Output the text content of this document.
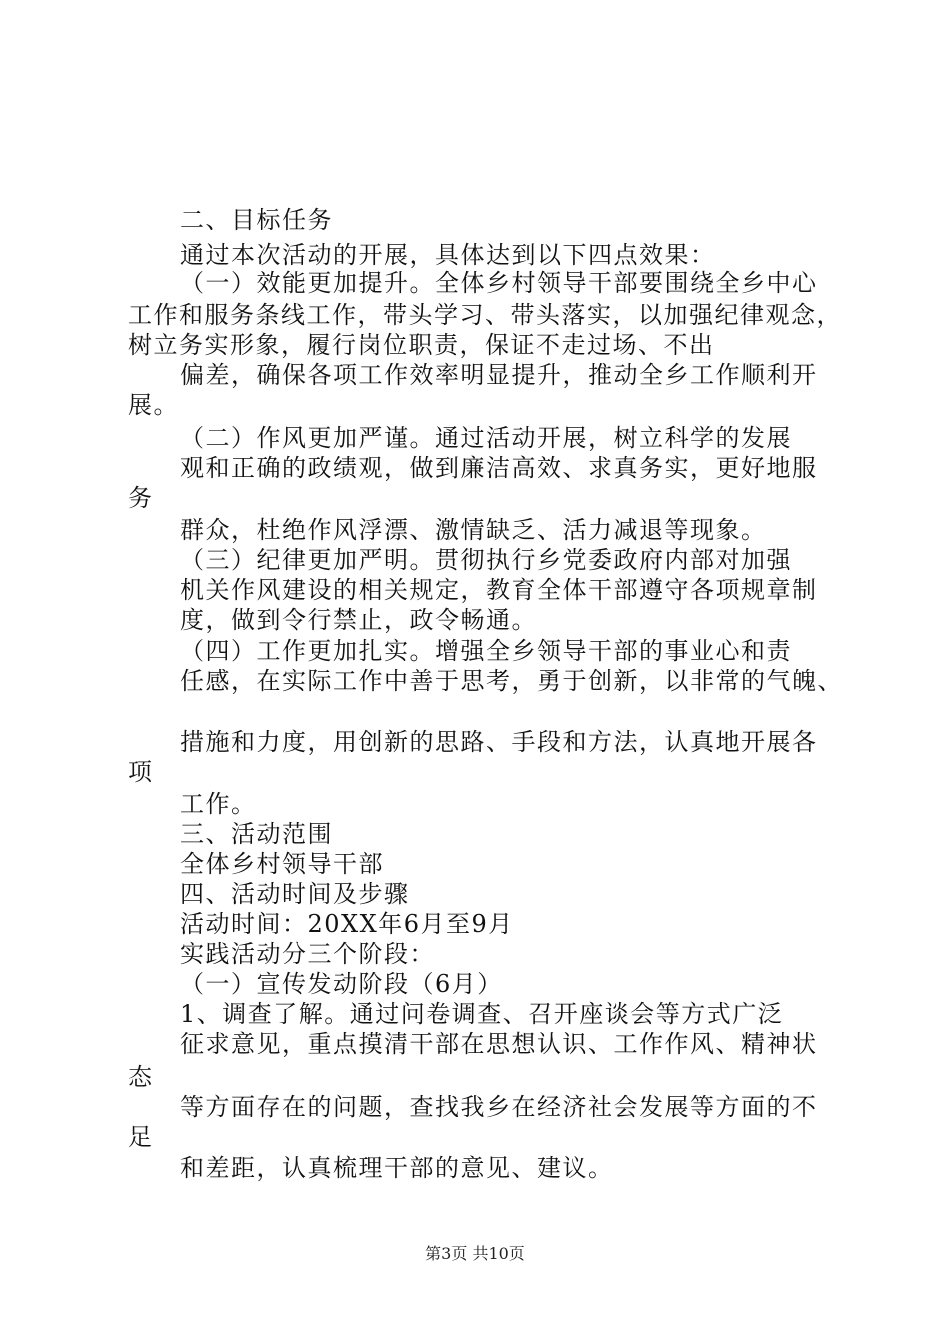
二、目标任务
通过本次活动的开展，具体达到以下四点效果：
（一）效能更加提升。全体乡村领导干部要围绕全乡中心
工作和服务条线工作，带头学习、带头落实，以加强纪律观念，
树立务实形象，履行岗位职责，保证不走过场、不出
偏差，确保各项工作效率明显提升，推动全乡工作顺利开
展。
（二）作风更加严谨。通过活动开展，树立科学的发展
观和正确的政绩观，做到廉洁高效、求真务实，更好地服
务
群众，杜绝作风浮漂、激情缺乏、活力减退等现象。
（三）纪律更加严明。贯彻执行乡党委政府内部对加强
机关作风建设的相关规定，教育全体干部遵守各项规章制
度，做到令行禁止，政令畅通。
（四）工作更加扎实。增强全乡领导干部的事业心和责
任感，在实际工作中善于思考，勇于创新，以非常的气魄、
措施和力度，用创新的思路、手段和方法，认真地开展各
项
工作。
三、活动范围
全体乡村领导干部
四、活动时间及步骤
活动时间：20XX年6月至9月
实践活动分三个阶段：
（一）宣传发动阶段（6月）
1、调查了解。通过问卷调查、召开座谈会等方式广泛
征求意见，重点摸清干部在思想认识、工作作风、精神状
态
等方面存在的问题，查找我乡在经济社会发展等方面的不
足
和差距，认真梳理干部的意见、建议。
第3页 共10页
